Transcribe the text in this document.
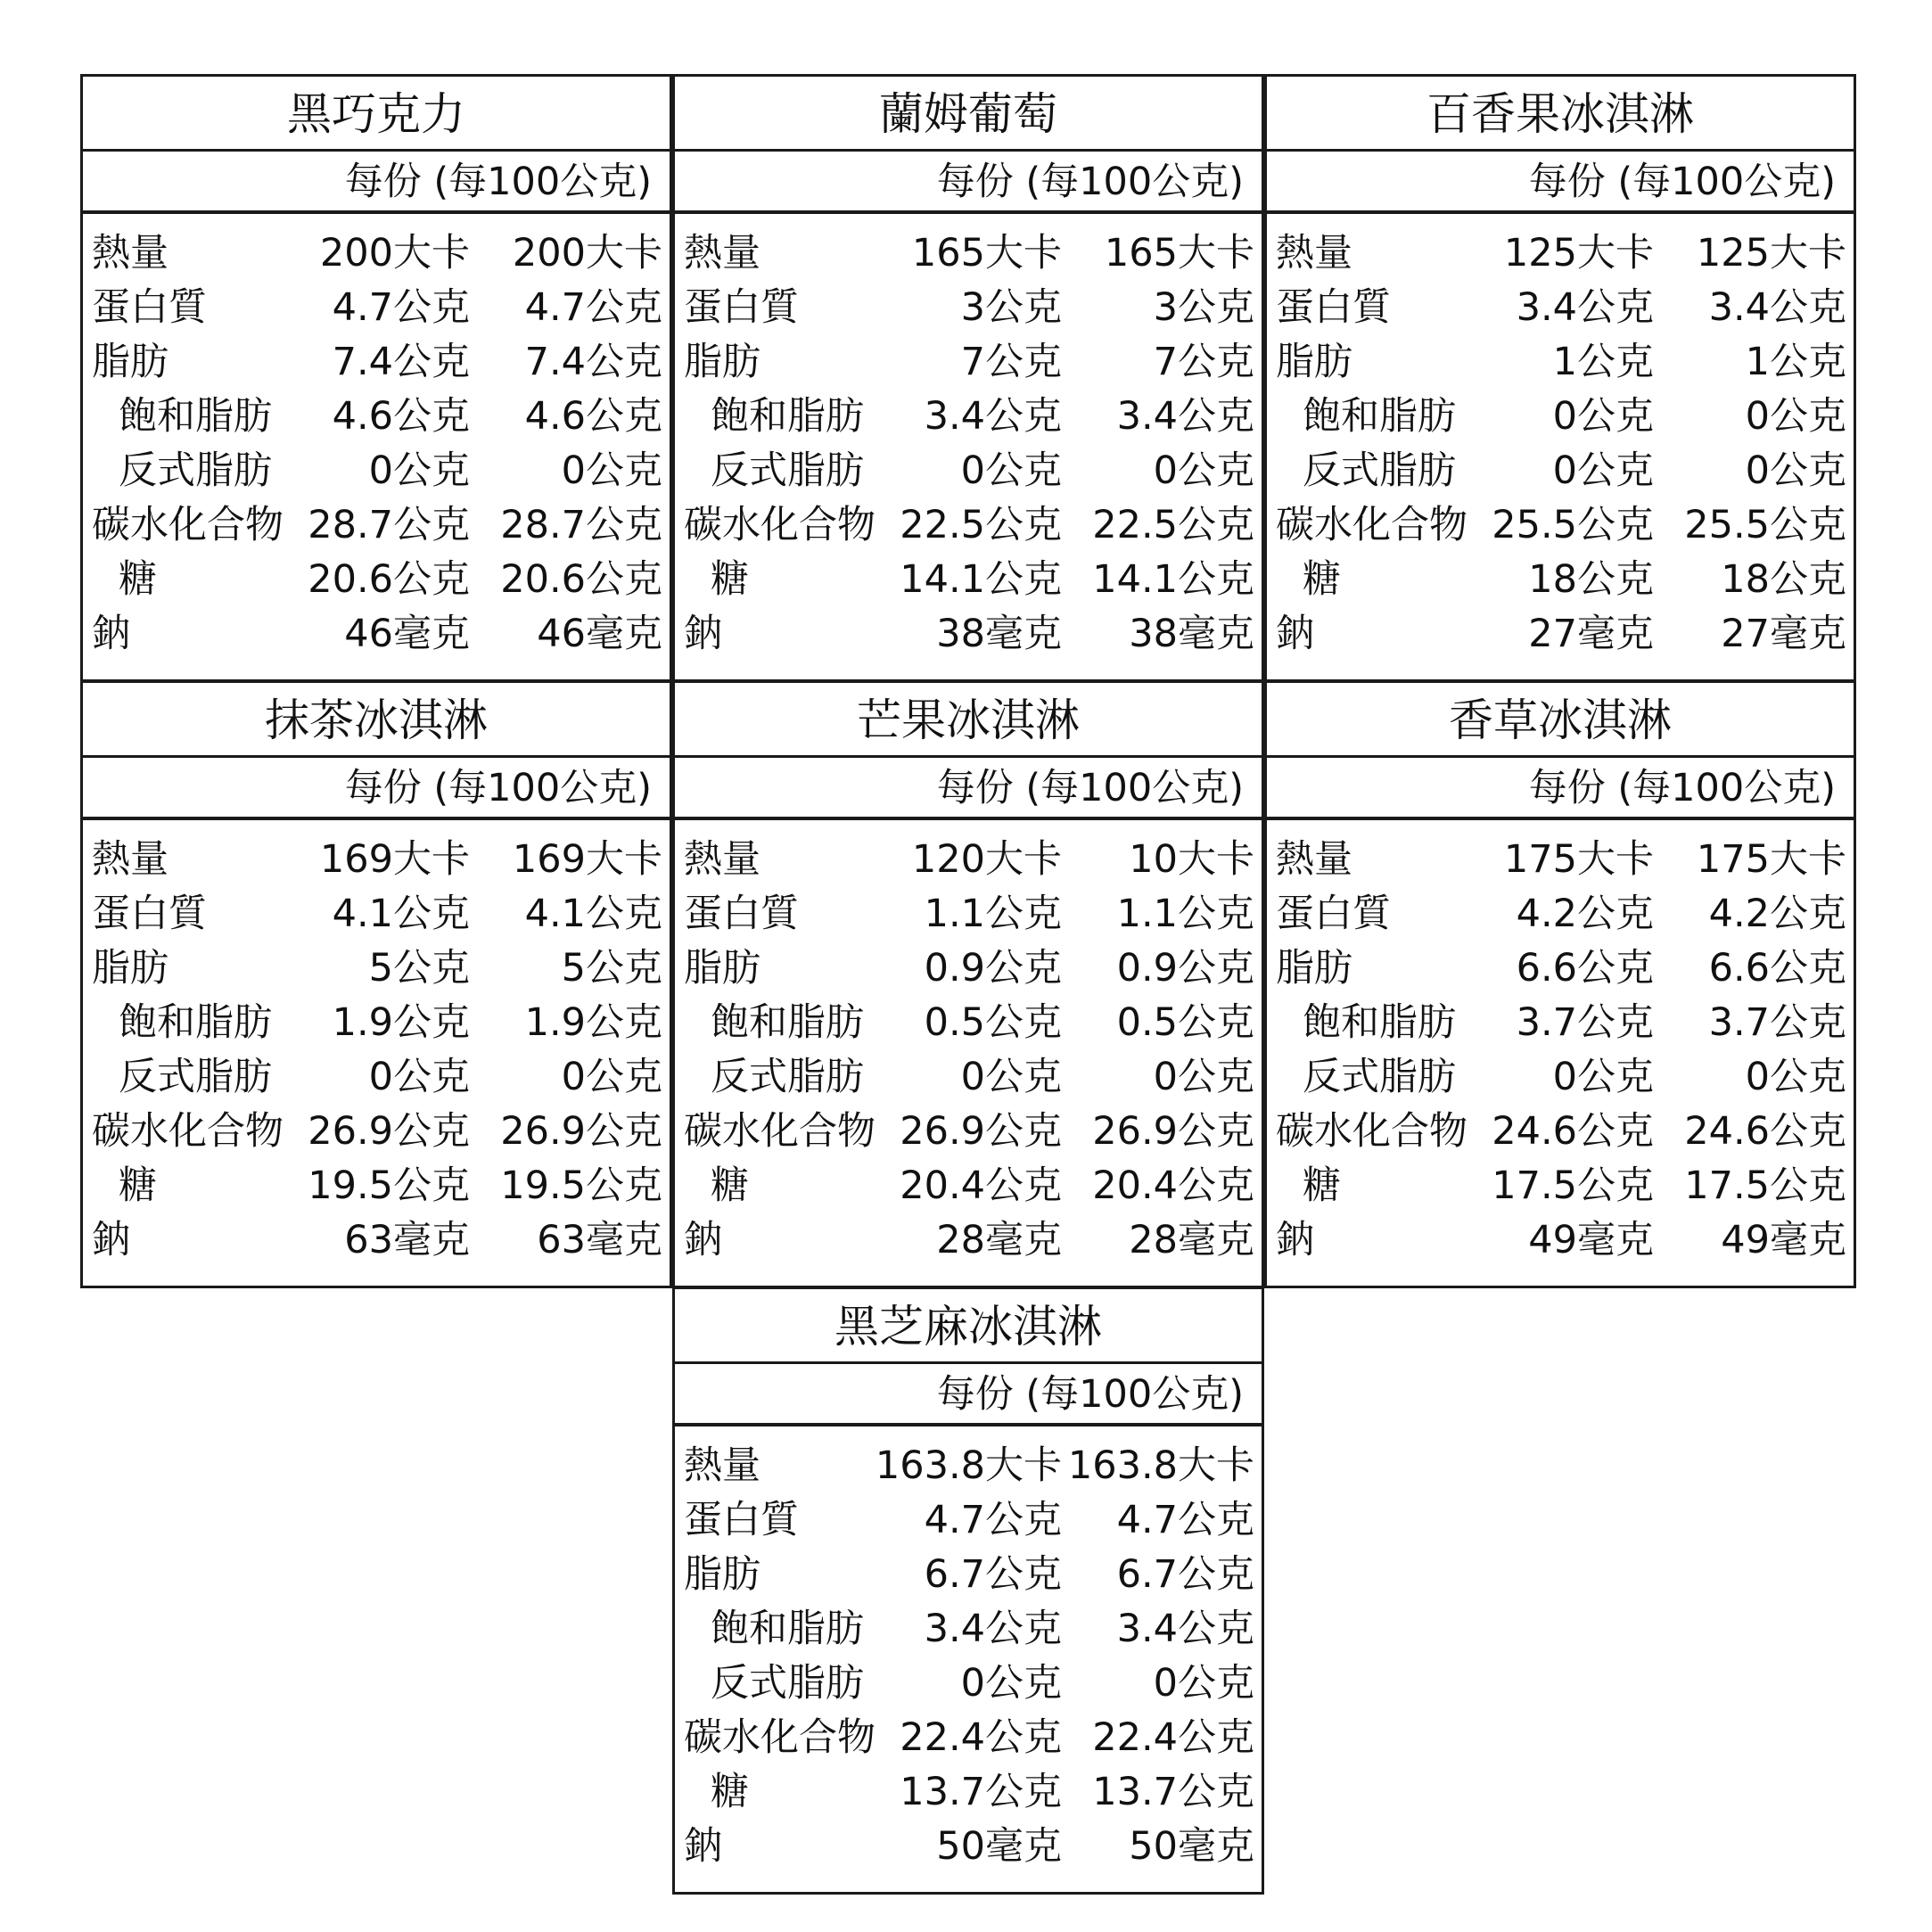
黑巧克力
每份 (每100公克)
熱量	200大卡	200大卡
蛋白質	4.7公克	4.7公克
脂肪	7.4公克	7.4公克
飽和脂肪	4.6公克	4.6公克
反式脂肪	0公克	0公克
碳水化合物 28.7公克 28.7公克
糖	20.6公克 20.6公克
鈉	46毫克	46毫克
蘭姆葡萄
每份 (每100公克)
熱量	165大卡	165大卡
蛋白質	3公克	3公克
脂肪	7公克	7公克
飽和脂肪	3.4公克	3.4公克
反式脂肪	0公克	0公克
碳水化合物 22.5公克 22.5公克
糖	14.1公克 14.1公克
鈉	38毫克	38毫克
百香果冰淇淋
每份 (每100公克)
熱量	125大卡	125大卡
蛋白質	3.4公克	3.4公克
脂肪	1公克	1公克
飽和脂肪	0公克	0公克
反式脂肪	0公克	0公克
碳水化合物 25.5公克 25.5公克
糖	18公克	18公克
鈉	27毫克	27毫克
抹茶冰淇淋
每份 (每100公克)
熱量	169大卡	169大卡
蛋白質	4.1公克	4.1公克
脂肪	5公克	5公克
飽和脂肪	1.9公克	1.9公克
反式脂肪	0公克	0公克
碳水化合物 26.9公克 26.9公克
糖	19.5公克 19.5公克
鈉	63毫克	63毫克
芒果冰淇淋
每份 (每100公克)
熱量	120大卡	10大卡
蛋白質	1.1公克	1.1公克
脂肪	0.9公克	0.9公克
飽和脂肪	0.5公克	0.5公克
反式脂肪	0公克	0公克
碳水化合物 26.9公克 26.9公克
糖	20.4公克 20.4公克
鈉	28毫克	28毫克
香草冰淇淋
每份 (每100公克)
熱量	175大卡	175大卡
蛋白質	4.2公克	4.2公克
脂肪	6.6公克	6.6公克
飽和脂肪	3.7公克	3.7公克
反式脂肪	0公克	0公克
碳水化合物 24.6公克 24.6公克
糖	17.5公克 17.5公克
鈉	49毫克	49毫克
黑芝麻冰淇淋
每份 (每100公克)
熱量	163.8大卡 163.8大卡
蛋白質	4.7公克	4.7公克
脂肪	6.7公克	6.7公克
飽和脂肪	3.4公克	3.4公克
反式脂肪	0公克	0公克
碳水化合物 22.4公克 22.4公克
糖	13.7公克 13.7公克
鈉	50毫克	50毫克
